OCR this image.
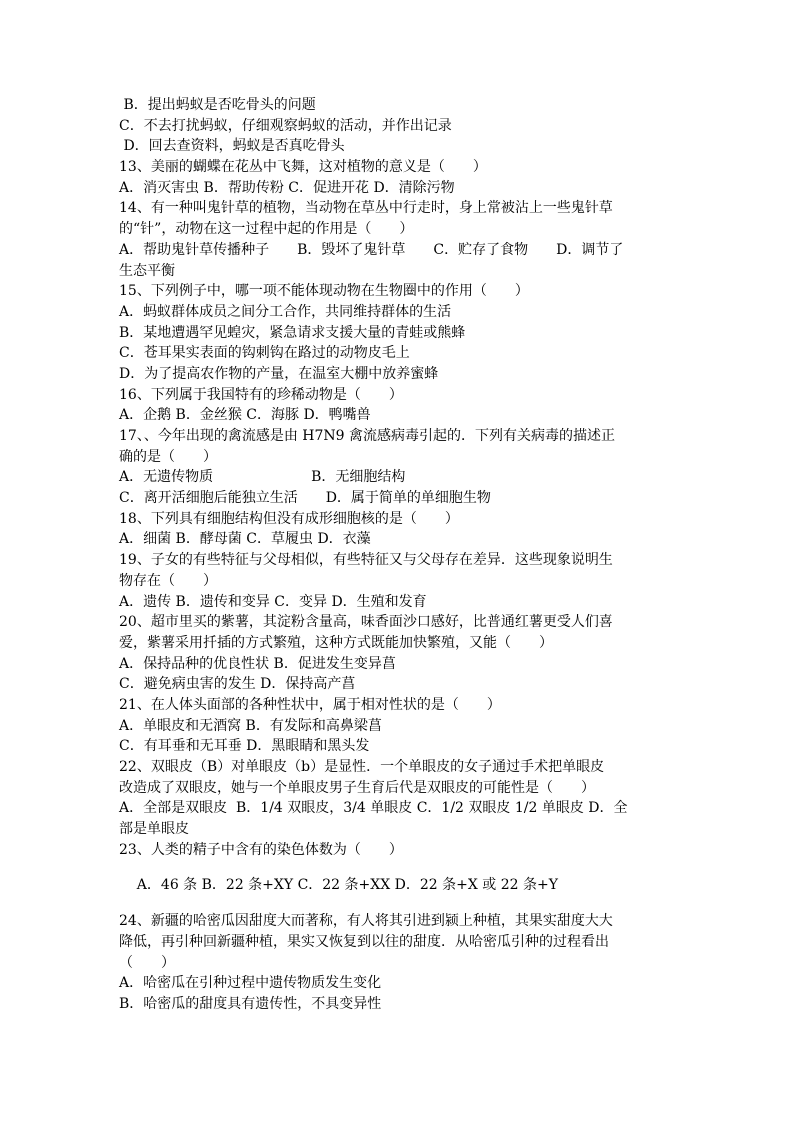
B．提出蚂蚁是否吃骨头的问题
C．不去打扰蚂蚁，仔细观察蚂蚁的活动，并作出记录
D．回去查资料，蚂蚁是否真吃骨头
13、美丽的蝴蝶在花丛中飞舞，这对植物的意义是（　　）
A．消灭害虫 B．帮助传粉 C．促进开花 D．清除污物
14、有一种叫鬼针草的植物，当动物在草丛中行走时，身上常被沾上一些鬼针草
的“针”，动物在这一过程中起的作用是（　　）
A．帮助鬼针草传播种子　　B．毁坏了鬼针草　　C．贮存了食物　　D．调节了
生态平衡
15、下列例子中，哪一项不能体现动物在生物圈中的作用（　　）
A．蚂蚁群体成员之间分工合作，共同维持群体的生活
B．某地遭遇罕见蝗灾，紧急请求支援大量的青蛙或熊蜂
C．苍耳果实表面的钩刺钩在路过的动物皮毛上
D．为了提高农作物的产量，在温室大棚中放养蜜蜂
16、下列属于我国特有的珍稀动物是（　　）
A．企鹅 B．金丝猴 C．海豚 D．鸭嘴兽
17、、今年出现的禽流感是由 H7N9 禽流感病毒引起的．下列有关病毒的描述正
确的是（　　）
A．无遗传物质　　　　　　　B．无细胞结构
C．离开活细胞后能独立生活　　D．属于简单的单细胞生物
18、下列具有细胞结构但没有成形细胞核的是（　　）
A．细菌 B．酵母菌 C．草履虫 D．衣藻
19、子女的有些特征与父母相似，有些特征又与父母存在差异．这些现象说明生
物存在（　　）
A．遗传 B．遗传和变异 C．变异 D．生殖和发育
20、超市里买的紫薯，其淀粉含量高，味香面沙口感好，比普通红薯更受人们喜
爱，紫薯采用扦插的方式繁殖，这种方式既能加快繁殖，又能（　　）
A．保持品种的优良性状 B．促进发生变异菖
C．避免病虫害的发生 D．保持高产菖
21、在人体头面部的各种性状中，属于相对性状的是（　　）
A．单眼皮和无酒窝 B．有发际和高鼻梁菖
C．有耳垂和无耳垂 D．黑眼睛和黑头发
22、双眼皮（B）对单眼皮（b）是显性．一个单眼皮的女子通过手术把单眼皮
改造成了双眼皮，她与一个单眼皮男子生育后代是双眼皮的可能性是（　　）
A．全部是双眼皮  B．1/4 双眼皮，3/4 单眼皮 C．1/2 双眼皮 1/2 单眼皮 D．全
部是单眼皮
23、人类的精子中含有的染色体数为（　　）
A．46 条 B．22 条+XY C．22 条+XX D．22 条+X 或 22 条+Y
24、新疆的哈密瓜因甜度大而著称，有人将其引进到颍上种植，其果实甜度大大
降低，再引种回新疆种植，果实又恢复到以往的甜度．从哈密瓜引种的过程看出
（　　）
A．哈密瓜在引种过程中遗传物质发生变化
B．哈密瓜的甜度具有遗传性，不具变异性
